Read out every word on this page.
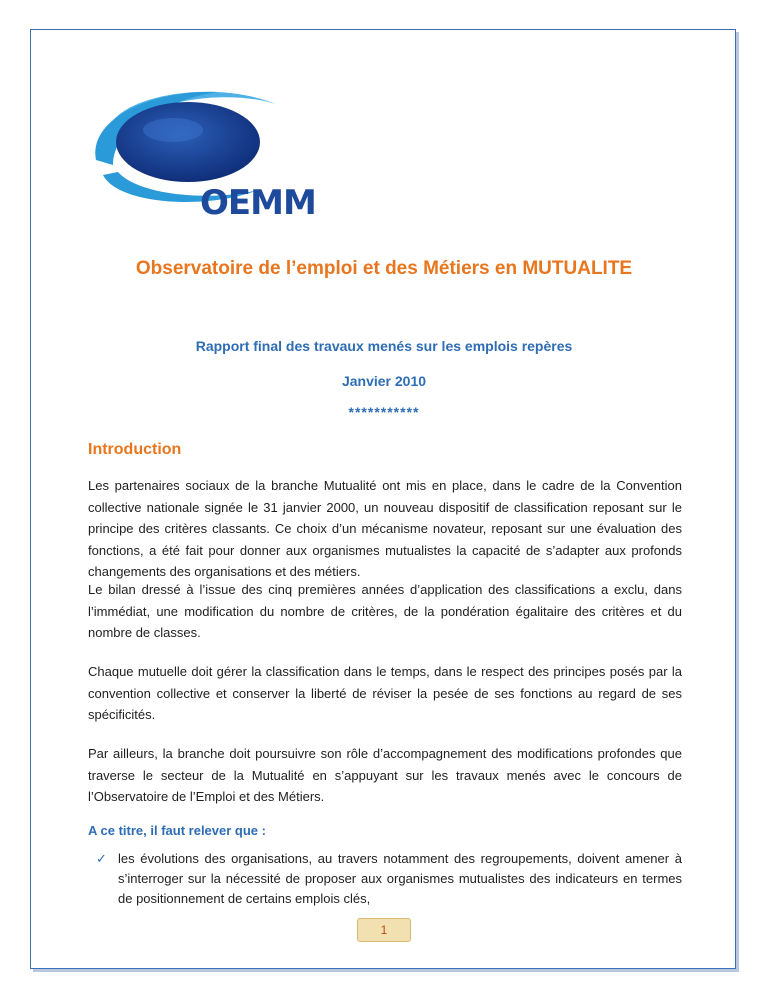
OEMM
Observatoire de l’emploi et des Métiers en MUTUALITE
Rapport final des travaux menés sur les emplois repères
Janvier 2010
***********
Introduction

Les partenaires sociaux de la branche Mutualité ont mis en place, dans le cadre de la Convention collective nationale signée le 31 janvier 2000, un nouveau dispositif de classification reposant sur le principe des critères classants. Ce choix d’un mécanisme novateur, reposant sur une évaluation des fonctions, a été fait pour donner aux organismes mutualistes la capacité de s’adapter aux profonds changements des organisations et des métiers.

Le bilan dressé à l’issue des cinq premières années d’application des classifications a exclu, dans l’immédiat, une modification du nombre de critères, de la pondération égalitaire des critères et du nombre de classes.

Chaque mutuelle doit gérer la classification dans le temps, dans le respect des principes posés par la convention collective et conserver la liberté de réviser la pesée de ses fonctions au regard de ses spécificités.

Par ailleurs, la branche doit poursuivre son rôle d’accompagnement des modifications profondes que traverse le secteur de la Mutualité en s’appuyant sur les travaux menés avec le concours de l’Observatoire de l’Emploi et des Métiers.

A ce titre, il faut relever que :
✓ les évolutions des organisations, au travers notamment des regroupements, doivent amener à s’interroger sur la nécessité de proposer aux organismes mutualistes des indicateurs en termes de positionnement de certains emplois clés,
1
